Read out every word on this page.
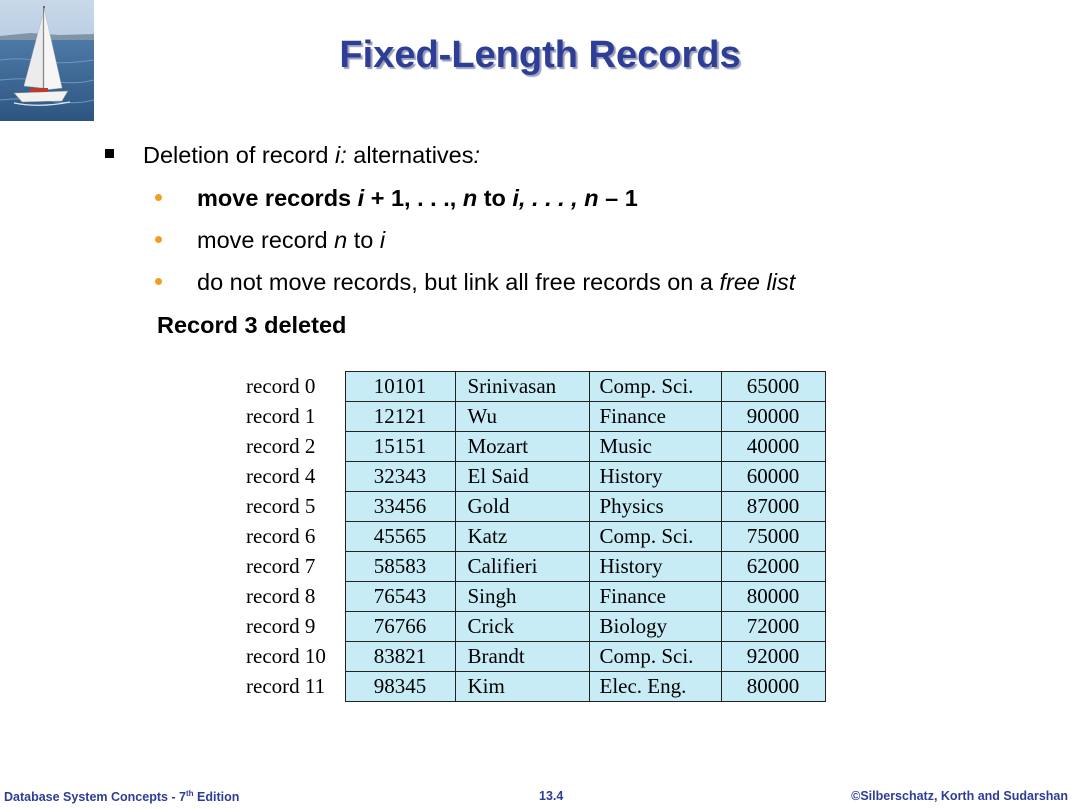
Fixed-Length Records
Deletion of record i: alternatives:
move records i + 1, . . ., n to i, . . . , n – 1
move record n to i
do not move records, but link all free records on a free list
Record 3 deleted
record 0	10101	Srinivasan	Comp. Sci.	65000
record 1	12121	Wu	Finance	90000
record 2	15151	Mozart	Music	40000
record 4	32343	El Said	History	60000
record 5	33456	Gold	Physics	87000
record 6	45565	Katz	Comp. Sci.	75000
record 7	58583	Califieri	History	62000
record 8	76543	Singh	Finance	80000
record 9	76766	Crick	Biology	72000
record 10	83821	Brandt	Comp. Sci.	92000
record 11	98345	Kim	Elec. Eng.	80000
Database System Concepts - 7th Edition	13.4	©Silberschatz, Korth and Sudarshan
